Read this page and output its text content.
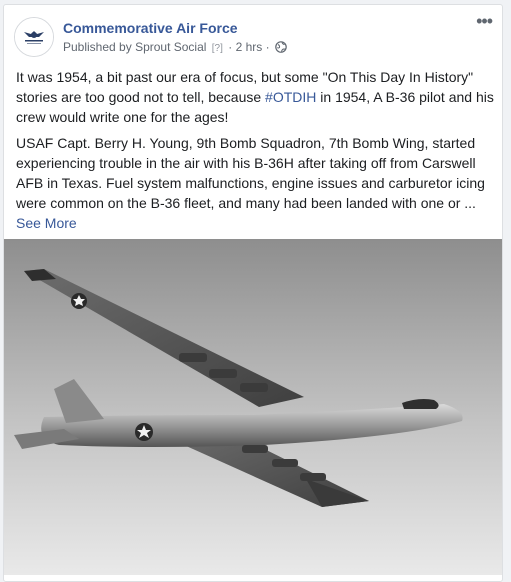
Commemorative Air Force
Published by Sprout Social [?] · 2 hrs ·
•••

It was 1954, a bit past our era of focus, but some "On This Day In History" stories are too good not to tell, because #OTDIH in 1954, A B-36 pilot and his crew would write one for the ages!

USAF Capt. Berry H. Young, 9th Bomb Squadron, 7th Bomb Wing, started experiencing trouble in the air with his B-36H after taking off from Carswell AFB in Texas. Fuel system malfunctions, engine issues and carburetor icing were common on the B-36 fleet, and many had been landed with one or ... See More
